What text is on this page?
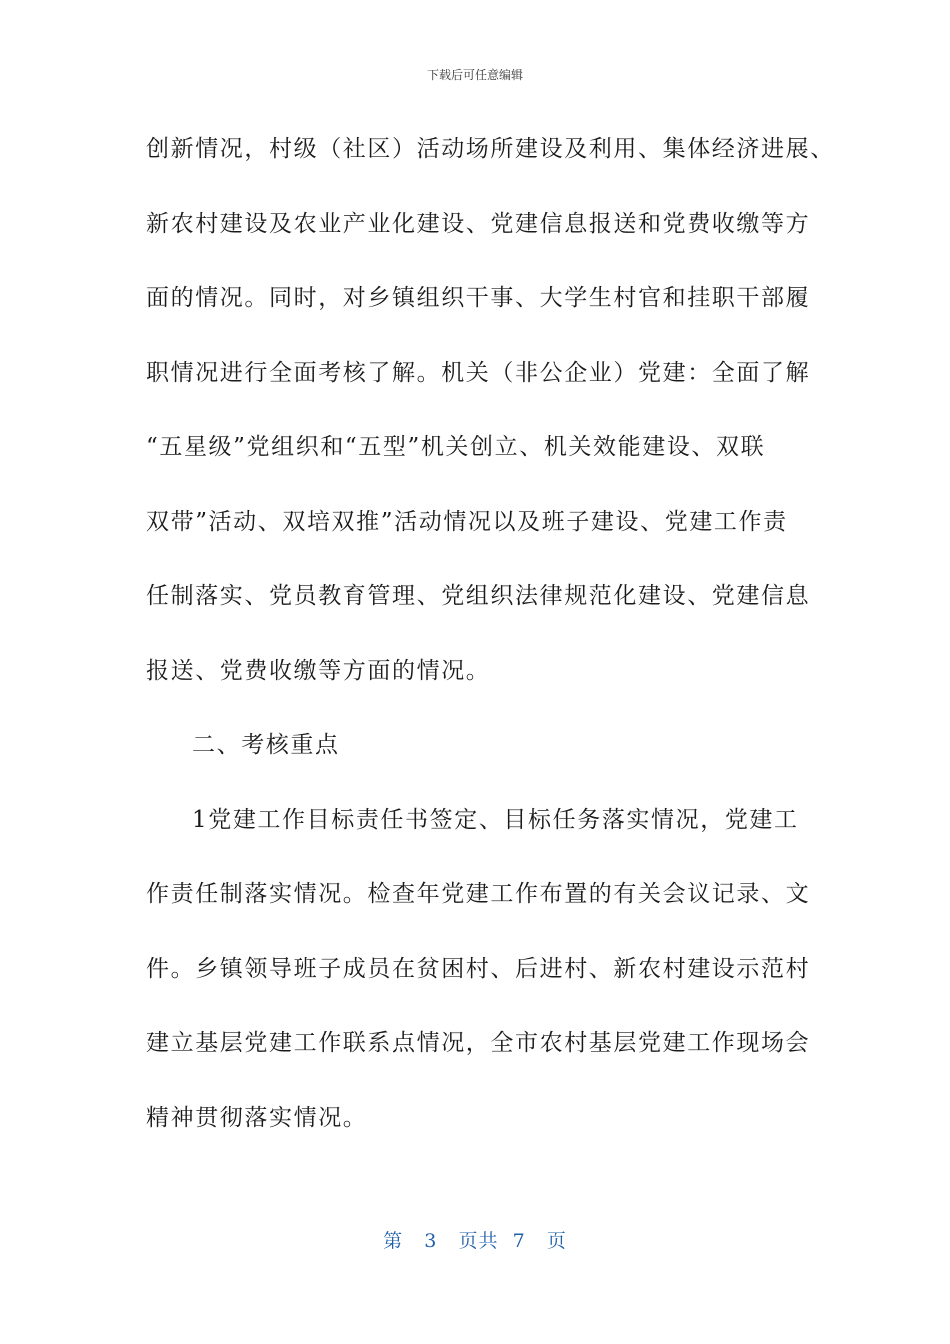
下载后可任意编辑
创新情况，村级（社区）活动场所建设及利用、集体经济进展、
新农村建设及农业产业化建设、党建信息报送和党费收缴等方
面的情况。同时，对乡镇组织干事、大学生村官和挂职干部履
职情况进行全面考核了解。机关（非公企业）党建：全面了解
“五星级”党组织和“五型”机关创立、机关效能建设、双联
双带”活动、双培双推”活动情况以及班子建设、党建工作责
任制落实、党员教育管理、党组织法律规范化建设、党建信息
报送、党费收缴等方面的情况。
二、考核重点
1党建工作目标责任书签定、目标任务落实情况，党建工
作责任制落实情况。检查年党建工作布置的有关会议记录、文
件。乡镇领导班子成员在贫困村、后进村、新农村建设示范村
建立基层党建工作联系点情况，全市农村基层党建工作现场会
精神贯彻落实情况。
第 3 页共 7 页
